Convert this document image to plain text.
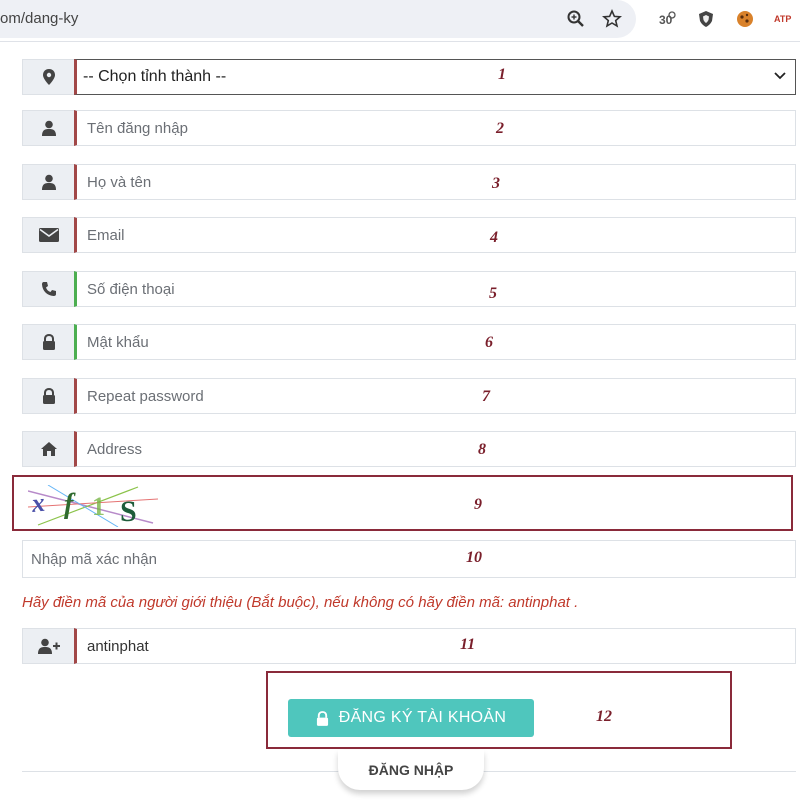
om/dang-ky	30	ATP
-- Chọn tỉnh thành --	1
Tên đăng nhập	2
Họ và tên	3
Email	4
Số điện thoại	5
Mật khẩu	6
Repeat password	7
Address	8
x f 1 S	9
Nhập mã xác nhận	10
Hãy điền mã của người giới thiệu (Bắt buộc), nếu không có hãy điền mã: antinphat .
antinphat	11
ĐĂNG KÝ TÀI KHOẢN	12
ĐĂNG NHẬP
